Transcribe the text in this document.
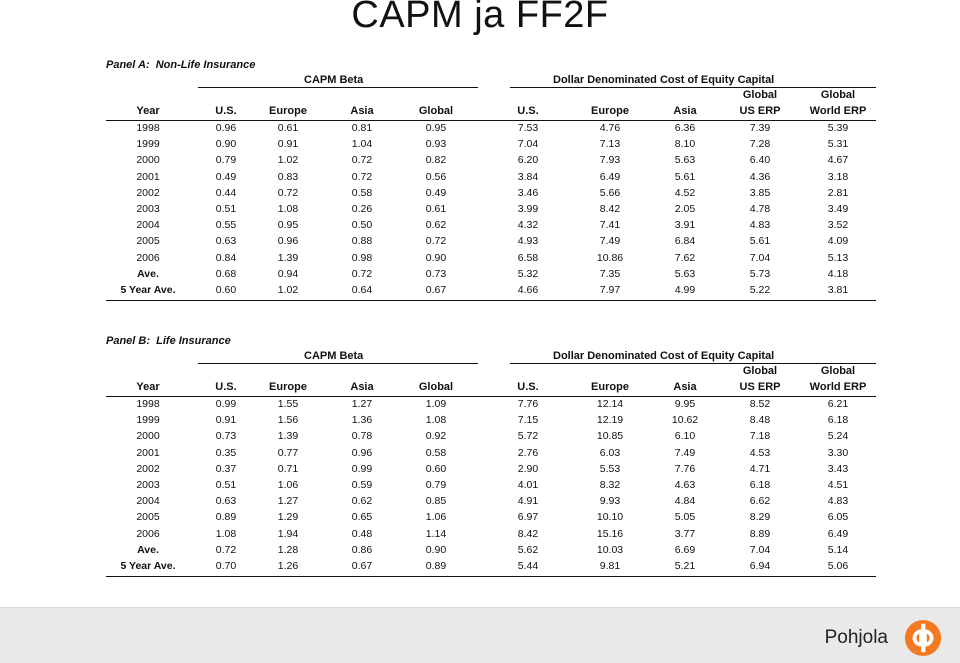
CAPM ja FF2F
Panel A: Non-Life Insurance
CAPM Beta	Dollar Denominated Cost of Equity Capital
Global	Global
Year	U.S.	Europe	Asia	Global	U.S.	Europe	Asia	US ERP	World ERP
1998	0.96	0.61	0.81	0.95	7.53	4.76	6.36	7.39	5.39
1999	0.90	0.91	1.04	0.93	7.04	7.13	8.10	7.28	5.31
2000	0.79	1.02	0.72	0.82	6.20	7.93	5.63	6.40	4.67
2001	0.49	0.83	0.72	0.56	3.84	6.49	5.61	4.36	3.18
2002	0.44	0.72	0.58	0.49	3.46	5.66	4.52	3.85	2.81
2003	0.51	1.08	0.26	0.61	3.99	8.42	2.05	4.78	3.49
2004	0.55	0.95	0.50	0.62	4.32	7.41	3.91	4.83	3.52
2005	0.63	0.96	0.88	0.72	4.93	7.49	6.84	5.61	4.09
2006	0.84	1.39	0.98	0.90	6.58	10.86	7.62	7.04	5.13
Ave.	0.68	0.94	0.72	0.73	5.32	7.35	5.63	5.73	4.18
5 Year Ave.	0.60	1.02	0.64	0.67	4.66	7.97	4.99	5.22	3.81
Panel B: Life Insurance
CAPM Beta	Dollar Denominated Cost of Equity Capital
Global	Global
Year	U.S.	Europe	Asia	Global	U.S.	Europe	Asia	US ERP	World ERP
1998	0.99	1.55	1.27	1.09	7.76	12.14	9.95	8.52	6.21
1999	0.91	1.56	1.36	1.08	7.15	12.19	10.62	8.48	6.18
2000	0.73	1.39	0.78	0.92	5.72	10.85	6.10	7.18	5.24
2001	0.35	0.77	0.96	0.58	2.76	6.03	7.49	4.53	3.30
2002	0.37	0.71	0.99	0.60	2.90	5.53	7.76	4.71	3.43
2003	0.51	1.06	0.59	0.79	4.01	8.32	4.63	6.18	4.51
2004	0.63	1.27	0.62	0.85	4.91	9.93	4.84	6.62	4.83
2005	0.89	1.29	0.65	1.06	6.97	10.10	5.05	8.29	6.05
2006	1.08	1.94	0.48	1.14	8.42	15.16	3.77	8.89	6.49
Ave.	0.72	1.28	0.86	0.90	5.62	10.03	6.69	7.04	5.14
5 Year Ave.	0.70	1.26	0.67	0.89	5.44	9.81	5.21	6.94	5.06
Pohjola
